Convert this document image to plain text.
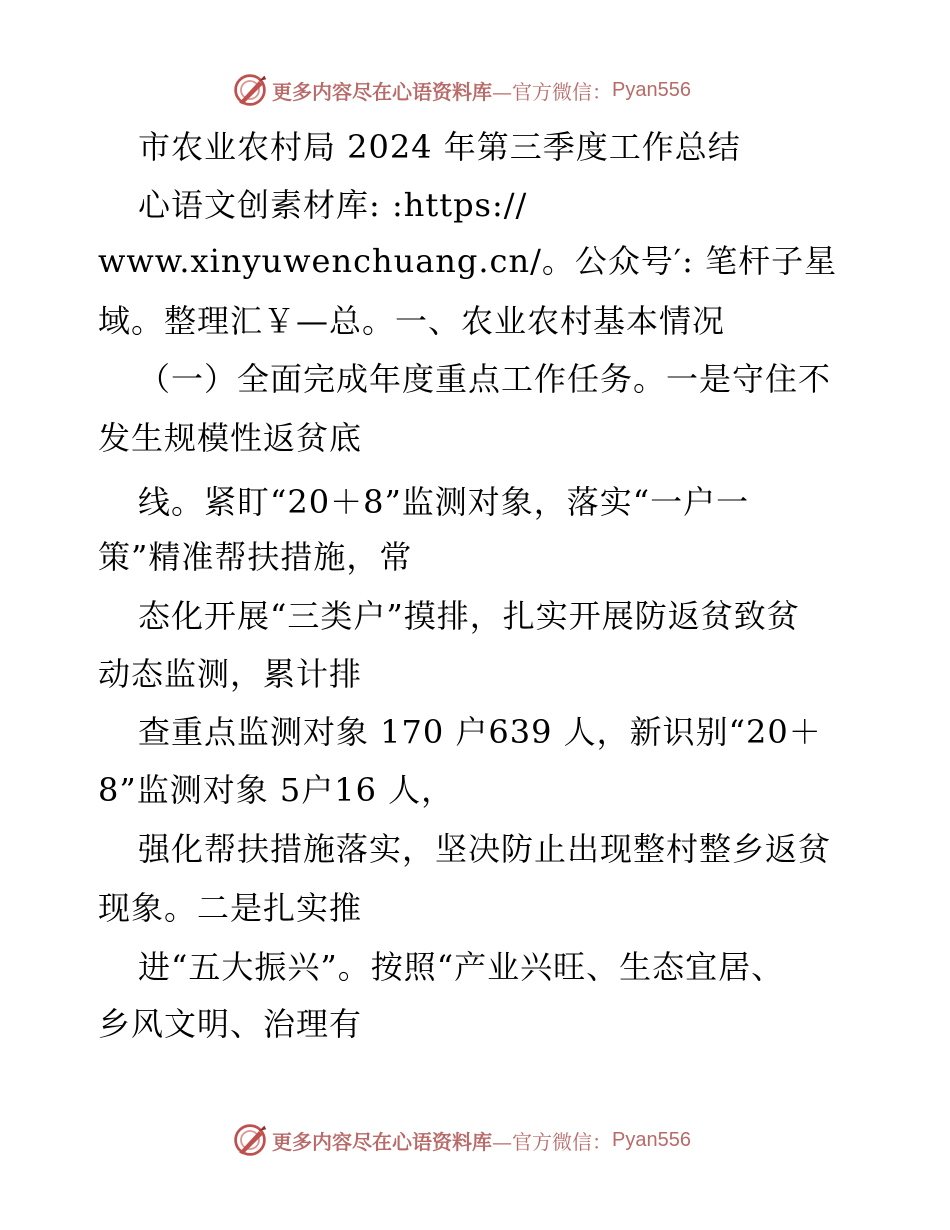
更多内容尽在心语资料库 —官方微信： Pyan556
市农业农村局 2024 年第三季度工作总结
心语文创素材库: :https://
www.xinyuwenchuang.cn/。公众号′: 笔杆子星
域。整理汇￥—总。一、农业农村基本情况
（一）全面完成年度重点工作任务。一是守住不
发生规模性返贫底
线。紧盯“20＋8”监测对象，落实“一户一
策”精准帮扶措施，常
态化开展“三类户”摸排，扎实开展防返贫致贫
动态监测，累计排
查重点监测对象 170 户639 人，新识别“20＋
8”监测对象 5户16 人，
强化帮扶措施落实，坚决防止出现整村整乡返贫
现象。二是扎实推
进“五大振兴”。按照“产业兴旺、生态宜居、
乡风文明、治理有
更多内容尽在心语资料库 —官方微信： Pyan556
